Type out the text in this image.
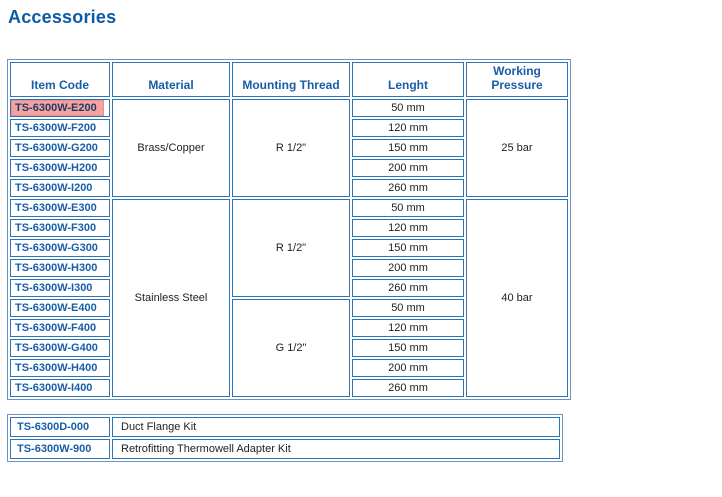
Accessories
Item Code	Material	Mounting Thread	Lenght	Working Pressure

TS-6300W-E200	Brass/Copper	R 1/2"	50 mm	25 bar
TS-6300W-F200			120 mm	
TS-6300W-G200			150 mm	
TS-6300W-H200			200 mm	
TS-6300W-I200			260 mm	
TS-6300W-E300	Stainless Steel	R 1/2"	50 mm	40 bar
TS-6300W-F300			120 mm	
TS-6300W-G300			150 mm	
TS-6300W-H300			200 mm	
TS-6300W-I300			260 mm	
TS-6300W-E400		G 1/2"	50 mm	
TS-6300W-F400			120 mm	
TS-6300W-G400			150 mm	
TS-6300W-H400			200 mm	
TS-6300W-I400			260 mm	
TS-6300D-000	Duct Flange Kit
TS-6300W-900	Retrofitting Thermowell Adapter Kit
